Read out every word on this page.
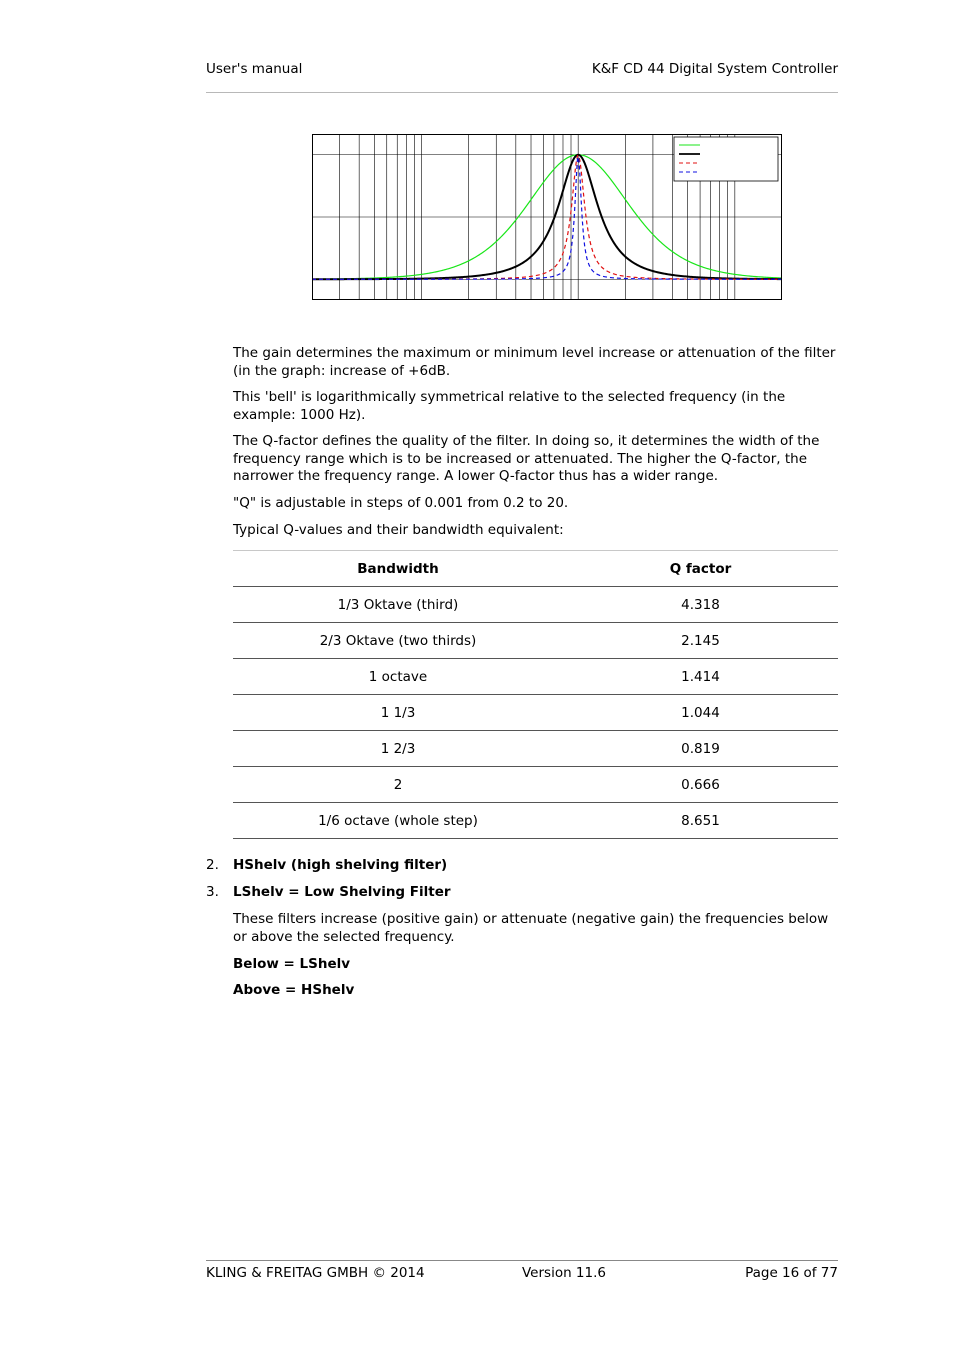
User's manual	K&F CD 44 Digital System Controller

The gain determines the maximum or minimum level increase or attenuation of the filter (in the graph: increase of +6dB.

This 'bell' is logarithmically symmetrical relative to the selected frequency (in the example: 1000 Hz).

The Q-factor defines the quality of the filter. In doing so, it determines the width of the frequency range which is to be increased or attenuated. The higher the Q-factor, the narrower the frequency range. A lower Q-factor thus has a wider range.

"Q" is adjustable in steps of 0.001 from 0.2 to 20.

Typical Q-values and their bandwidth equivalent:

Bandwidth	Q factor
1/3 Oktave (third)	4.318
2/3 Oktave (two thirds)	2.145
1 octave	1.414
1 1/3	1.044
1 2/3	0.819
2	0.666
1/6 octave (whole step)	8.651
2. HShelv (high shelving filter)
3. LShelv = Low Shelving Filter

These filters increase (positive gain) or attenuate (negative gain) the frequencies below or above the selected frequency.

Below = LShelv
Above = HShelv
KLING & FREITAG GMBH © 2014	Version 11.6	Page 16 of 77
